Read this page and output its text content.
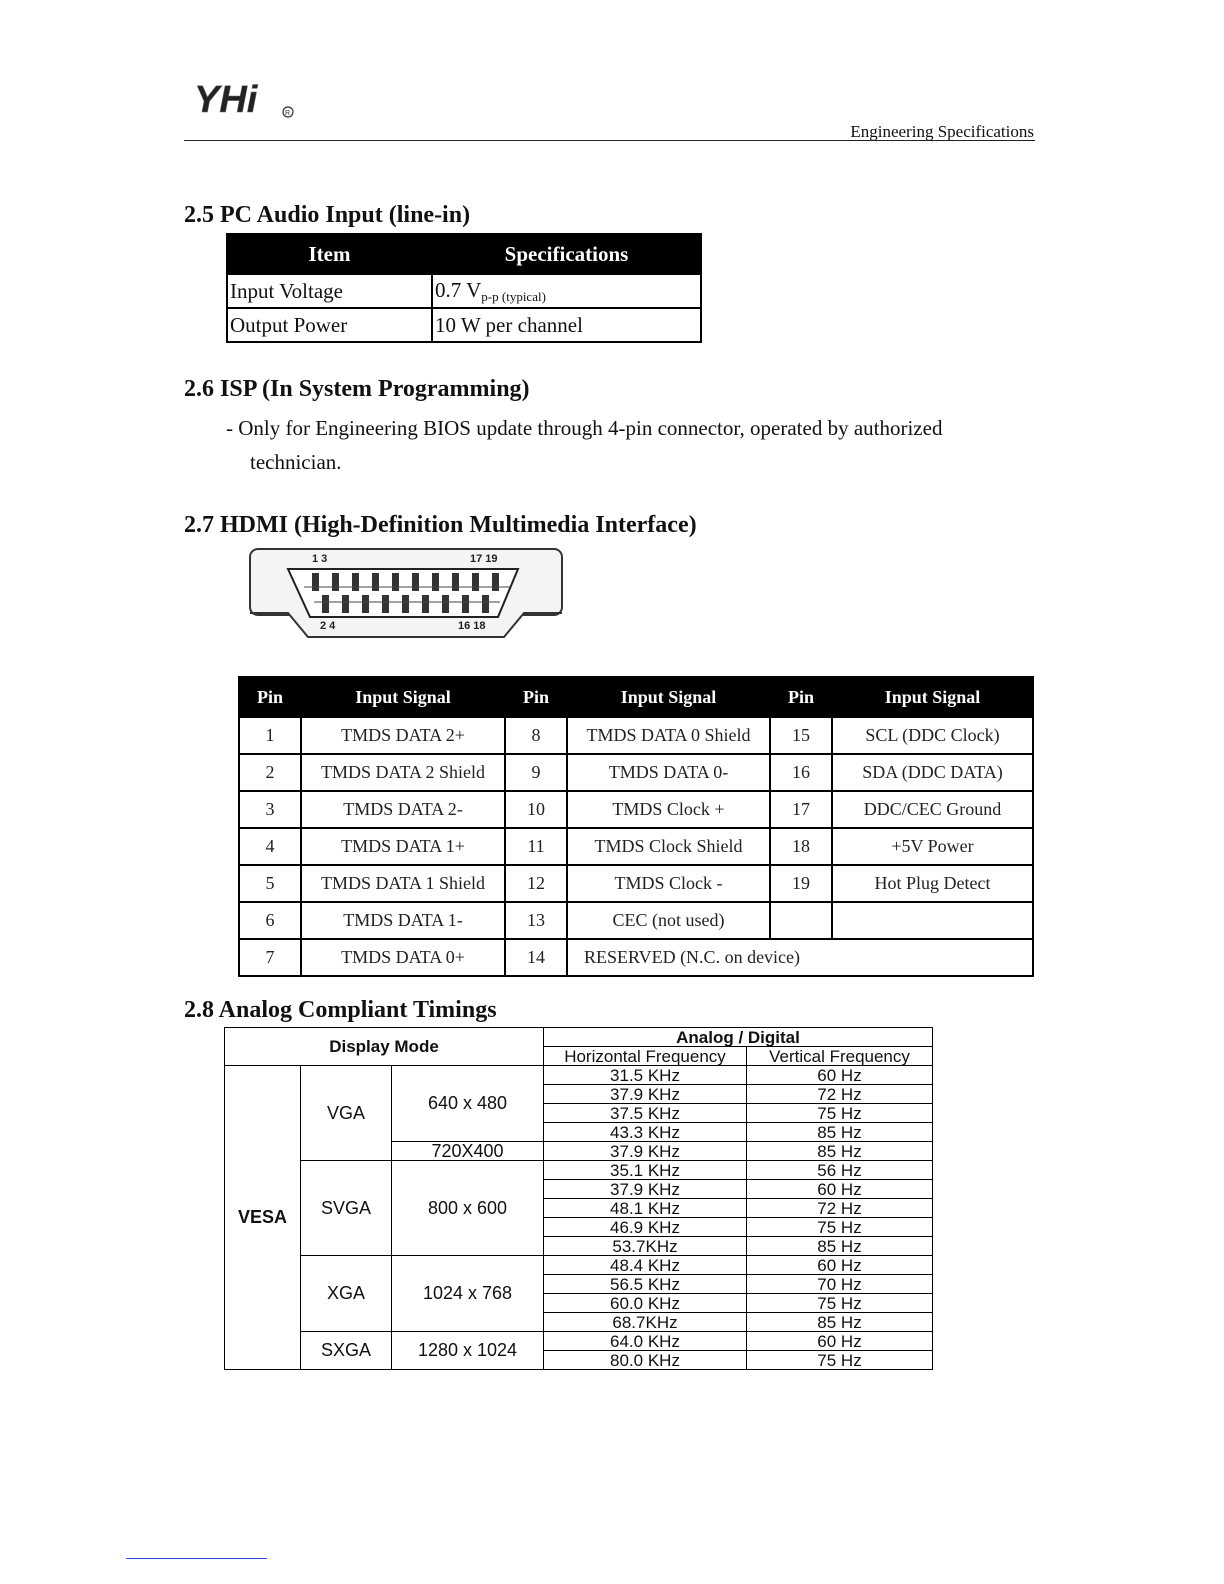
YHi	R
Engineering Specifications
2.5 PC Audio Input (line-in)
Item	Specifications
Input Voltage	0.7 $V_{p-p (typical)}$
Output Power	10 W per channel
2.6 ISP (In System Programming)
- Only for Engineering BIOS update through 4-pin connector, operated by authorized
technician.
2.7 HDMI (High-Definition Multimedia Interface)
1 3	17 19
2 4	16 18
Pin	Input Signal	Pin	Input Signal	Pin	Input Signal
1	TMDS DATA 2+	8	TMDS DATA 0 Shield	15	SCL (DDC Clock)
2	TMDS DATA 2 Shield	9	TMDS DATA 0-	16	SDA (DDC DATA)
3	TMDS DATA 2-	10	TMDS Clock +	17	DDC/CEC Ground
4	TMDS DATA 1+	11	TMDS Clock Shield	18	+5V Power
5	TMDS DATA 1 Shield	12	TMDS Clock -	19	Hot Plug Detect
6	TMDS DATA 1-	13	CEC (not used)		
7	TMDS DATA 0+	14	RESERVED (N.C. on device)		
2.8 Analog Compliant Timings
Display Mode			Analog / Digital	
			Horizontal Frequency	Vertical Frequency
VESA	VGA	640 x 480	31.5 KHz	60 Hz
			37.9 KHz	72 Hz
			37.5 KHz	75 Hz
			43.3 KHz	85 Hz
		720X400	37.9 KHz	85 Hz
	SVGA	800 x 600	35.1 KHz	56 Hz
			37.9 KHz	60 Hz
			48.1 KHz	72 Hz
			46.9 KHz	75 Hz
			53.7KHz	85 Hz
	XGA	1024 x 768	48.4 KHz	60 Hz
			56.5 KHz	70 Hz
			60.0 KHz	75 Hz
			68.7KHz	85 Hz
	SXGA	1280 x 1024	64.0 KHz	60 Hz
			80.0 KHz	75 Hz
